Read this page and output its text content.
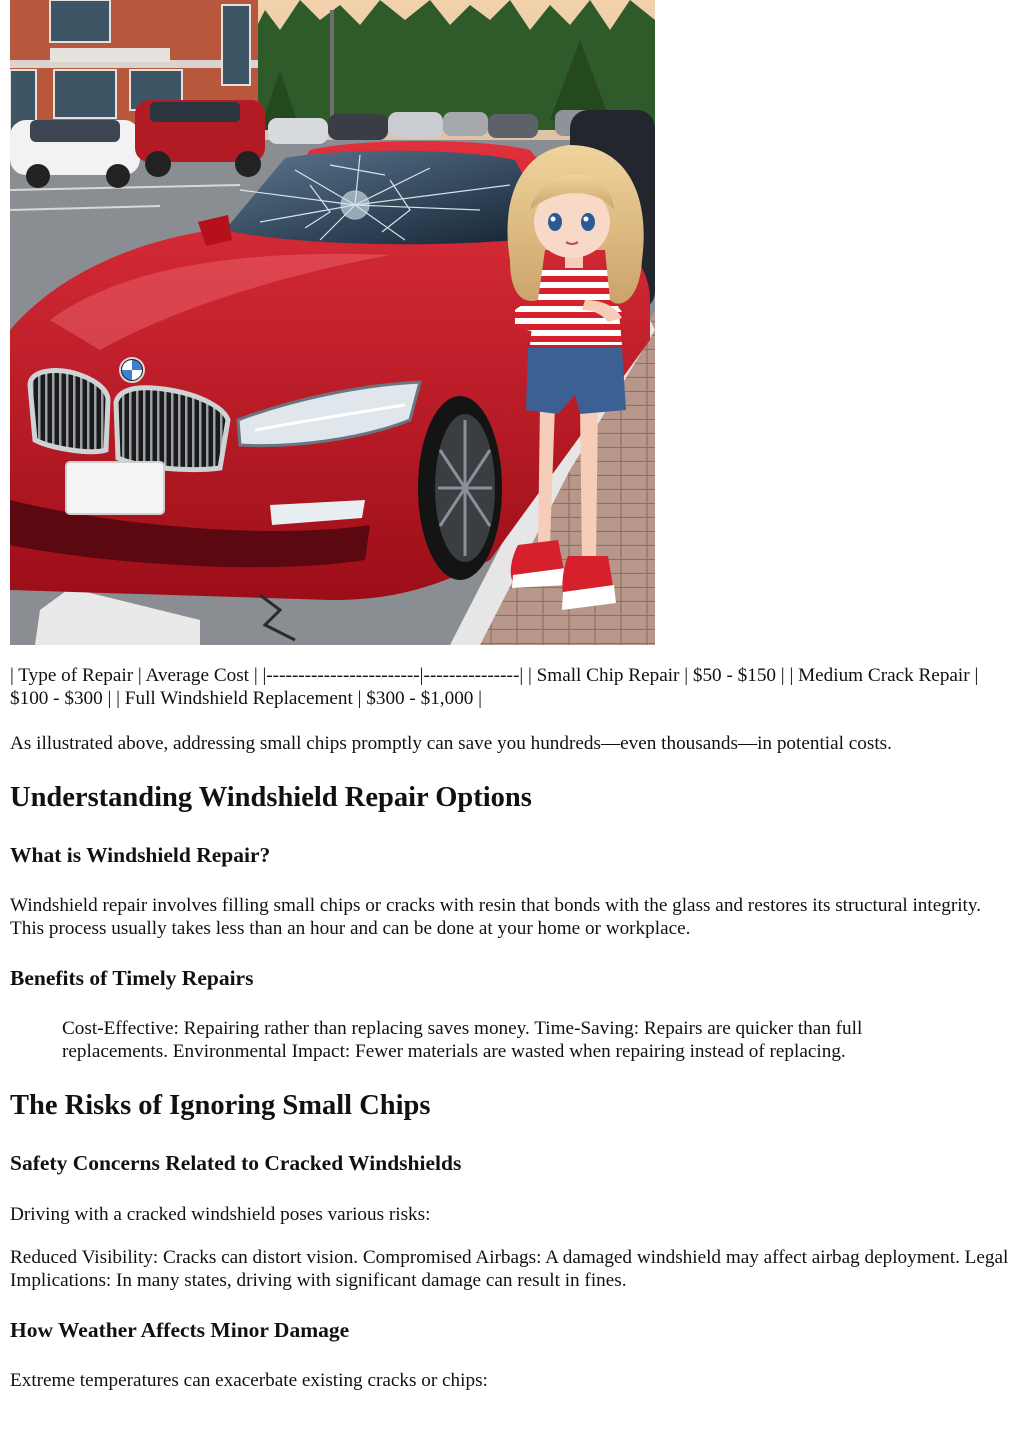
| Type of Repair | Average Cost | |------------------------|---------------| | Small Chip Repair | $50 - $150 | | Medium Crack Repair | $100 - $300 | | Full Windshield Replacement | $300 - $1,000 |

As illustrated above, addressing small chips promptly can save you hundreds—even thousands—in potential costs.

Understanding Windshield Repair Options
What is Windshield Repair?

Windshield repair involves filling small chips or cracks with resin that bonds with the glass and restores its structural integrity. This process usually takes less than an hour and can be done at your home or workplace.

Benefits of Timely Repairs
Cost-Effective: Repairing rather than replacing saves money. Time-Saving: Repairs are quicker than full replacements. Environmental Impact: Fewer materials are wasted when repairing instead of replacing.
The Risks of Ignoring Small Chips
Safety Concerns Related to Cracked Windshields

Driving with a cracked windshield poses various risks:

Reduced Visibility: Cracks can distort vision. Compromised Airbags: A damaged windshield may affect airbag deployment. Legal Implications: In many states, driving with significant damage can result in fines.

How Weather Affects Minor Damage

Extreme temperatures can exacerbate existing cracks or chips:
